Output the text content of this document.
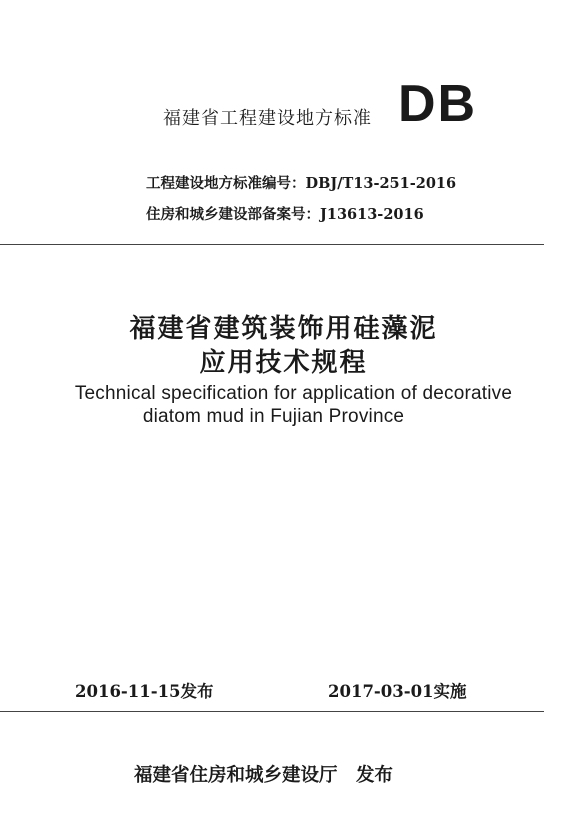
福建省工程建设地方标准 DB
工程建设地方标准编号：DBJ/T13-251-2016
住房和城乡建设部备案号：J13613-2016
福建省建筑装饰用硅藻泥
应用技术规程
Technical specification for application of decorative
diatom mud in Fujian Province
2016-11-15发布	2017-03-01实施
福建省住房和城乡建设厅　发布
